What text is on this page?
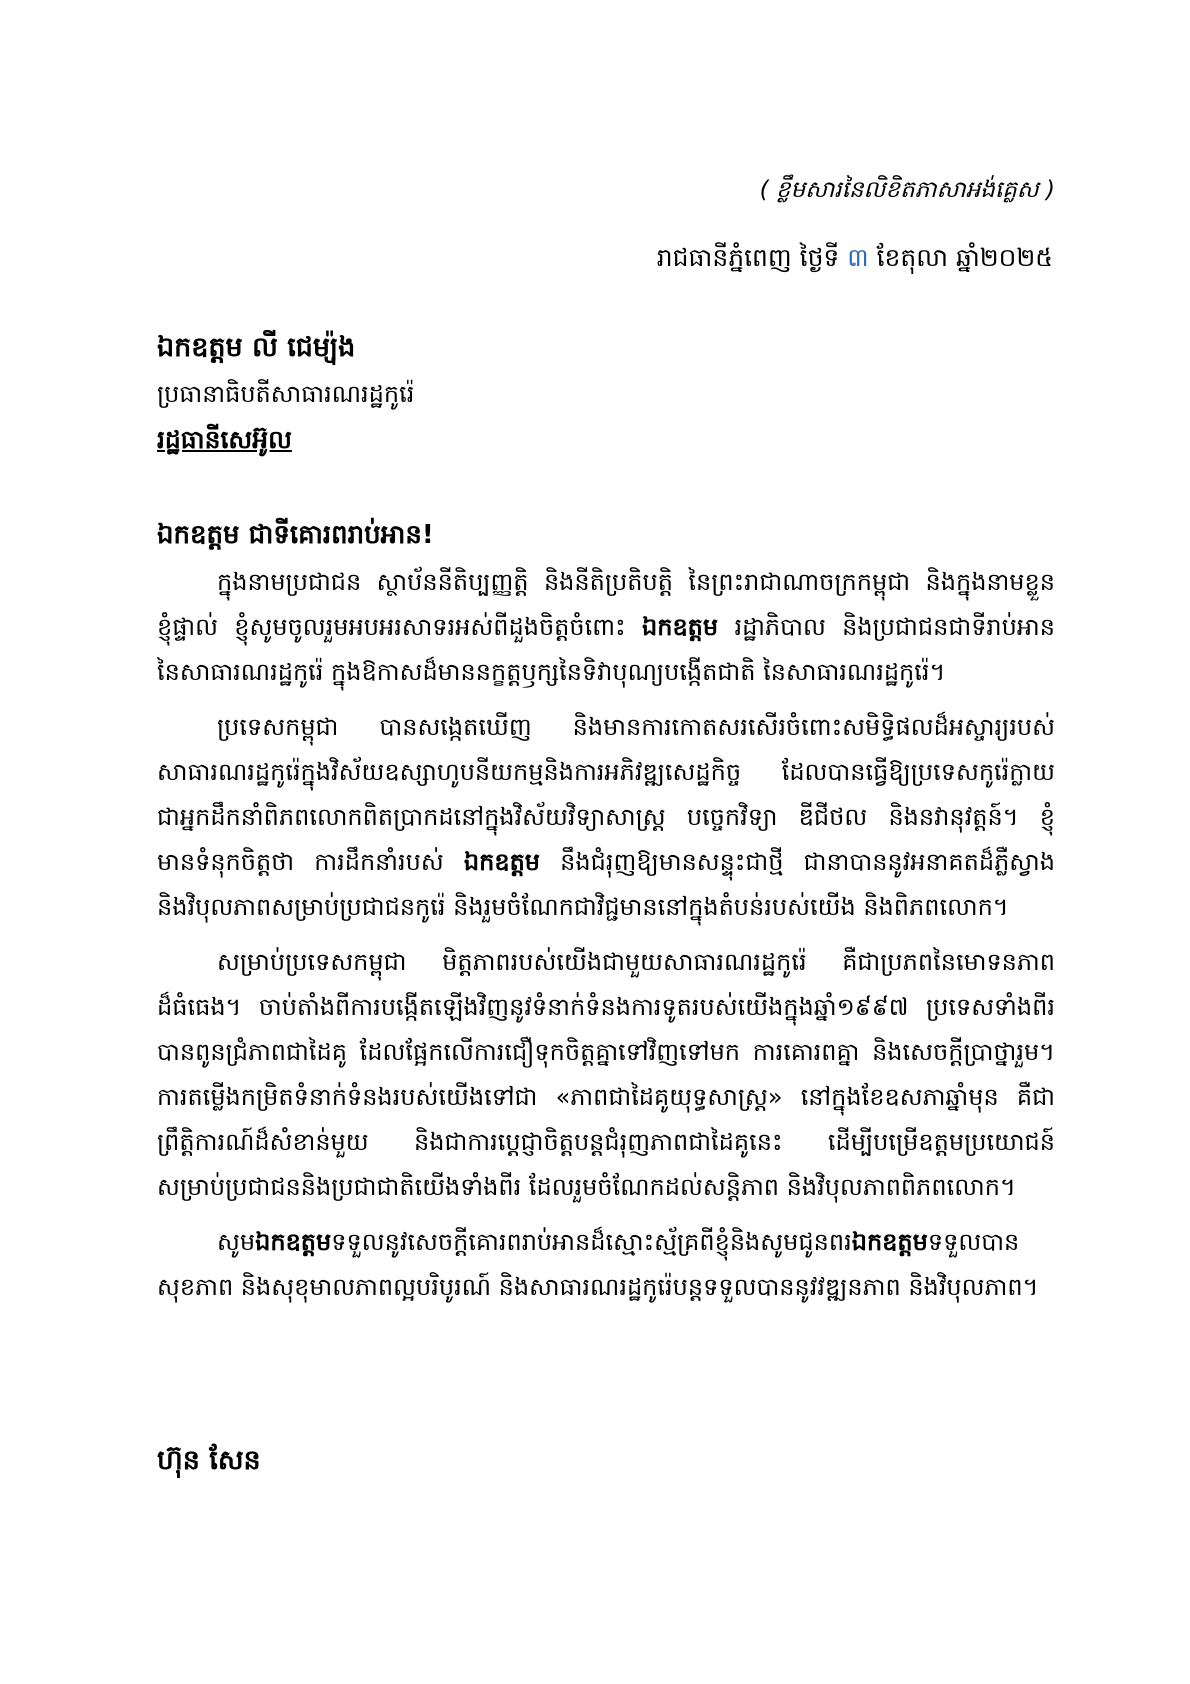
( ខ្លឹមសារនៃលិខិតភាសាអង់គ្លេស )
រាជធានីភ្នំពេញ ថ្ងៃទី ៣ ខែតុលា ឆ្នាំ២០២៥
ឯកឧត្តម លី ជេម្យ៉ុង
ប្រធានាធិបតីសាធារណរដ្ឋកូរ៉េ
រដ្ឋធានីសេអ៊ូល
ឯកឧត្តម ជាទីគោរពរាប់អាន!
ក្នុងនាមប្រជាជន ស្ថាប័ននីតិប្បញ្ញត្តិ និងនីតិប្រតិបត្តិ នៃព្រះរាជាណាចក្រកម្ពុជា និងក្នុងនាមខ្លួន
ខ្ញុំផ្ទាល់ ខ្ញុំសូមចូលរួមអបអរសាទរអស់ពីដួងចិត្តចំពោះ ឯកឧត្តម រដ្ឋាភិបាល និងប្រជាជនជាទីរាប់អាន
នៃសាធារណរដ្ឋកូរ៉េ ក្នុងឱកាសដ៏មាននក្ខត្តឫក្សនៃទិវាបុណ្យបង្កើតជាតិ នៃសាធារណរដ្ឋកូរ៉េ។
ប្រទេសកម្ពុជា បានសង្កេតឃើញ និងមានការកោតសរសើរចំពោះសមិទ្ធិផលដ៏អស្ចារ្យរបស់
សាធារណរដ្ឋកូរ៉េក្នុងវិស័យឧស្សាហូបនីយកម្មនិងការអភិវឌ្ឍសេដ្ឋកិច្ច ដែលបានធ្វើឱ្យប្រទេសកូរ៉េក្លាយ
ជាអ្នកដឹកនាំពិភពលោកពិតប្រាកដនៅក្នុងវិស័យវិទ្យាសាស្ត្រ បច្ចេកវិទ្យា ឌីជីថល និងនវានុវត្តន៍។ ខ្ញុំ
មានទំនុកចិត្តថា ការដឹកនាំរបស់ ឯកឧត្តម នឹងជំរុញឱ្យមានសន្ទុះជាថ្មី ជានាបាននូវអនាគតដ៏ភ្លឺស្វាង
និងវិបុលភាពសម្រាប់ប្រជាជនកូរ៉េ និងរួមចំណែកជាវិជ្ជមាននៅក្នុងតំបន់របស់យើង និងពិភពលោក។
សម្រាប់ប្រទេសកម្ពុជា មិត្តភាពរបស់យើងជាមួយសាធារណរដ្ឋកូរ៉េ គឺជាប្រភពនៃមោទនភាព
ដ៏ធំធេង។ ចាប់តាំងពីការបង្កើតឡើងវិញនូវទំនាក់ទំនងការទូតរបស់យើងក្នុងឆ្នាំ១៩៩៧ ប្រទេសទាំងពីរ
បានពូនជ្រំភាពជាដៃគូ ដែលផ្អែកលើការជឿទុកចិត្តគ្នាទៅវិញទៅមក ការគោរពគ្នា និងសេចក្ដីប្រាថ្នារួម។
ការតម្លើងកម្រិតទំនាក់ទំនងរបស់យើងទៅជា «ភាពជាដៃគូយុទ្ធសាស្ត្រ» នៅក្នុងខែឧសភាឆ្នាំមុន គឺជា
ព្រឹត្តិការណ៍ដ៏សំខាន់មួយ និងជាការប្ដេជ្ញាចិត្តបន្តជំរុញភាពជាដៃគូនេះ ដើម្បីបម្រើឧត្តមប្រយោជន៍
សម្រាប់ប្រជាជននិងប្រជាជាតិយើងទាំងពីរ ដែលរួមចំណែកដល់សន្តិភាព និងវិបុលភាពពិភពលោក។
សូមឯកឧត្តមទទួលនូវសេចក្ដីគោរពរាប់អានដ៏ស្មោះស្ម័គ្រពីខ្ញុំនិងសូមជូនពរឯកឧត្តមទទួលបាន
សុខភាព និងសុខុមាលភាពល្អបរិបូរណ៍ និងសាធារណរដ្ឋកូរ៉េបន្តទទួលបាននូវវឌ្ឍនភាព និងវិបុលភាព។
ហ៊ុន សែន
